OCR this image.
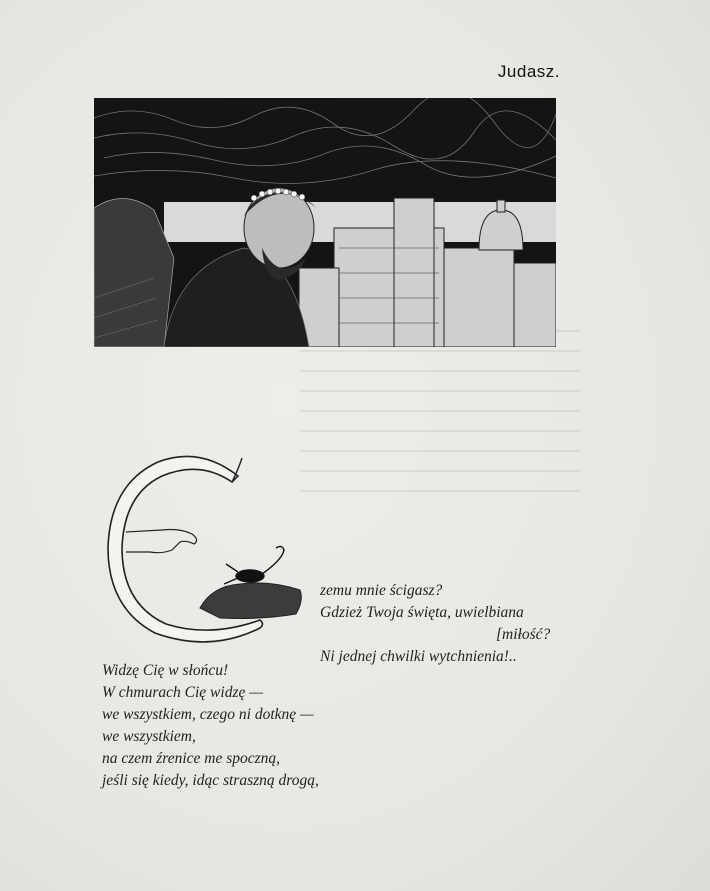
Judasz.
zemu mnie ścigasz?
Gdzież Twoja święta, uwielbiana
[miłość?
Ni jednej chwilki wytchnienia!..
Widzę Cię w słońcu!
W chmurach Cię widzę —
we wszystkiem, czego ni dotknę —
we wszystkiem,
na czem źrenice me spoczną,
jeśli się kiedy, idąc straszną drogą,
